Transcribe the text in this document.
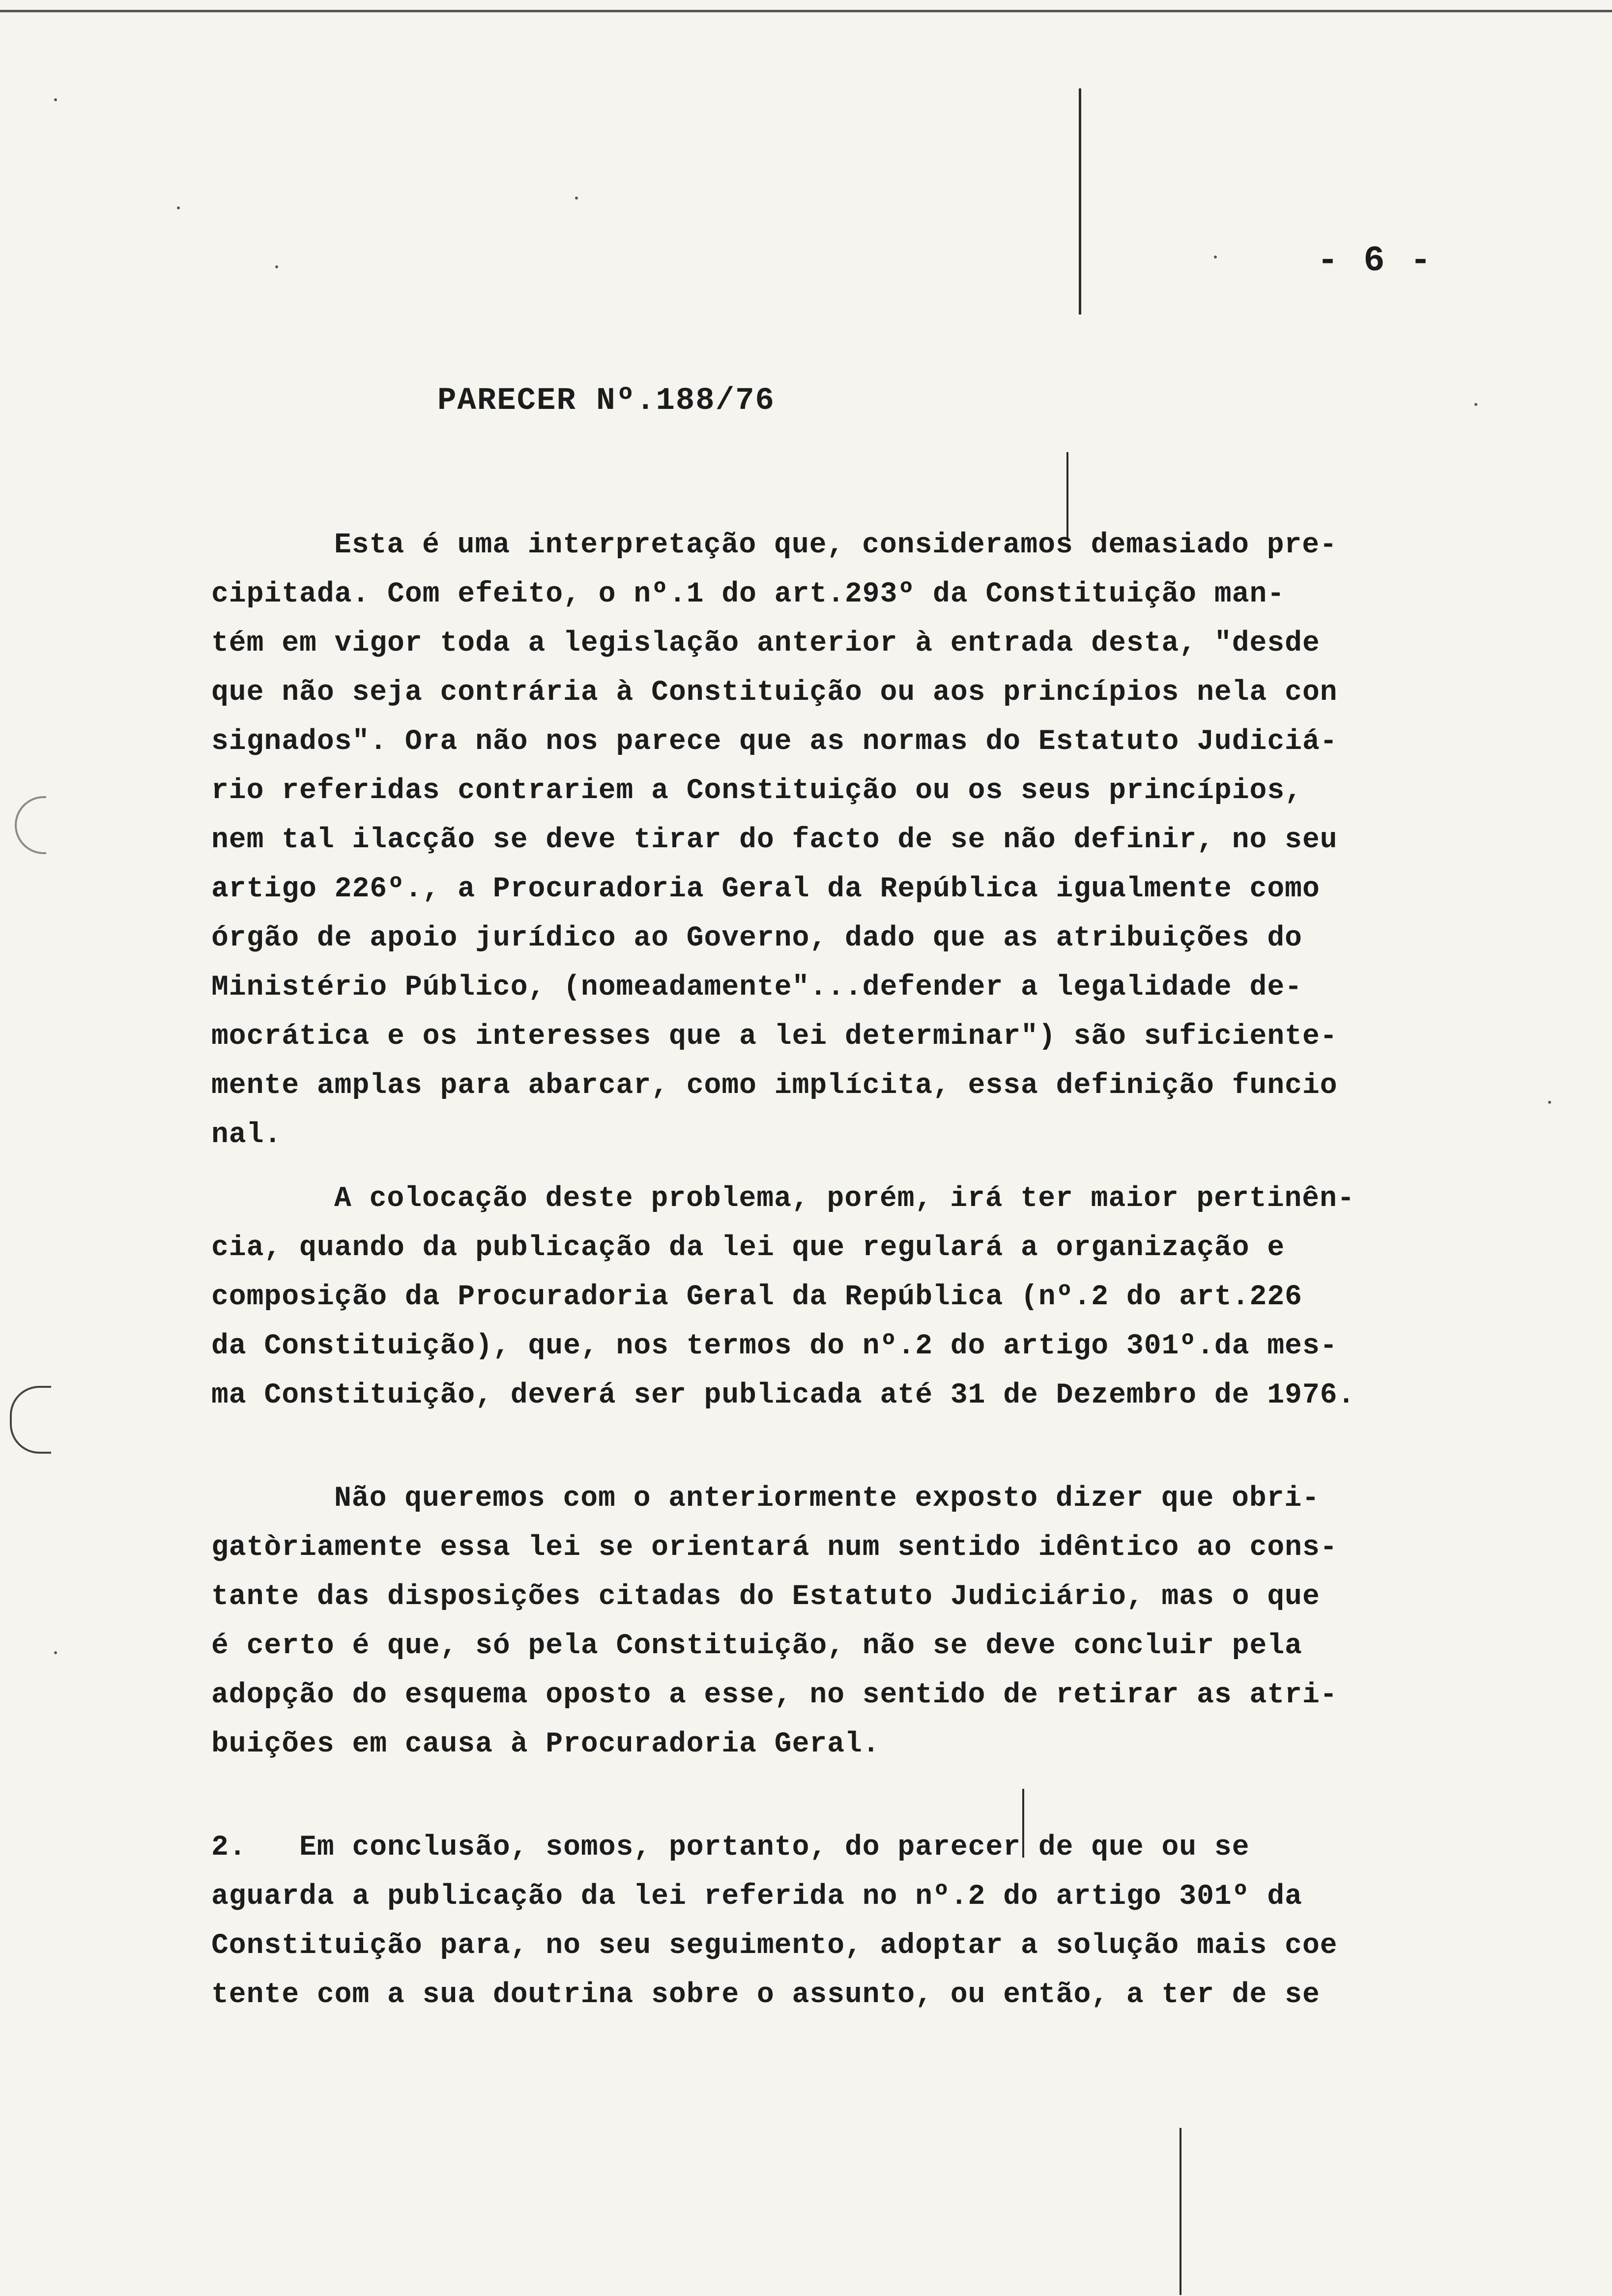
- 6 -
PARECER Nº.188/76
Esta é uma interpretação que, consideramos demasiado pre-
cipitada. Com efeito, o nº.1 do art.293º da Constituição man-
tém em vigor toda a legislação anterior à entrada desta, "desde
que não seja contrária à Constituição ou aos princípios nela con
signados". Ora não nos parece que as normas do Estatuto Judiciá-
rio referidas contrariem a Constituição ou os seus princípios,
nem tal ilacção se deve tirar do facto de se não definir, no seu
artigo 226º., a Procuradoria Geral da República igualmente como
órgão de apoio jurídico ao Governo, dado que as atribuições do
Ministério Público, (nomeadamente"...defender a legalidade de-
mocrática e os interesses que a lei determinar") são suficiente-
mente amplas para abarcar, como implícita, essa definição funcio
nal.
A colocação deste problema, porém, irá ter maior pertinên-
cia, quando da publicação da lei que regulará a organização e
composição da Procuradoria Geral da República (nº.2 do art.226
da Constituição), que, nos termos do nº.2 do artigo 301º.da mes-
ma Constituição, deverá ser publicada até 31 de Dezembro de 1976.
Não queremos com o anteriormente exposto dizer que obri-
gatòriamente essa lei se orientará num sentido idêntico ao cons-
tante das disposições citadas do Estatuto Judiciário, mas o que
é certo é que, só pela Constituição, não se deve concluir pela
adopção do esquema oposto a esse, no sentido de retirar as atri-
buições em causa à Procuradoria Geral.
2.   Em conclusão, somos, portanto, do parecer de que ou se
aguarda a publicação da lei referida no nº.2 do artigo 301º da
Constituição para, no seu seguimento, adoptar a solução mais coe
tente com a sua doutrina sobre o assunto, ou então, a ter de se
